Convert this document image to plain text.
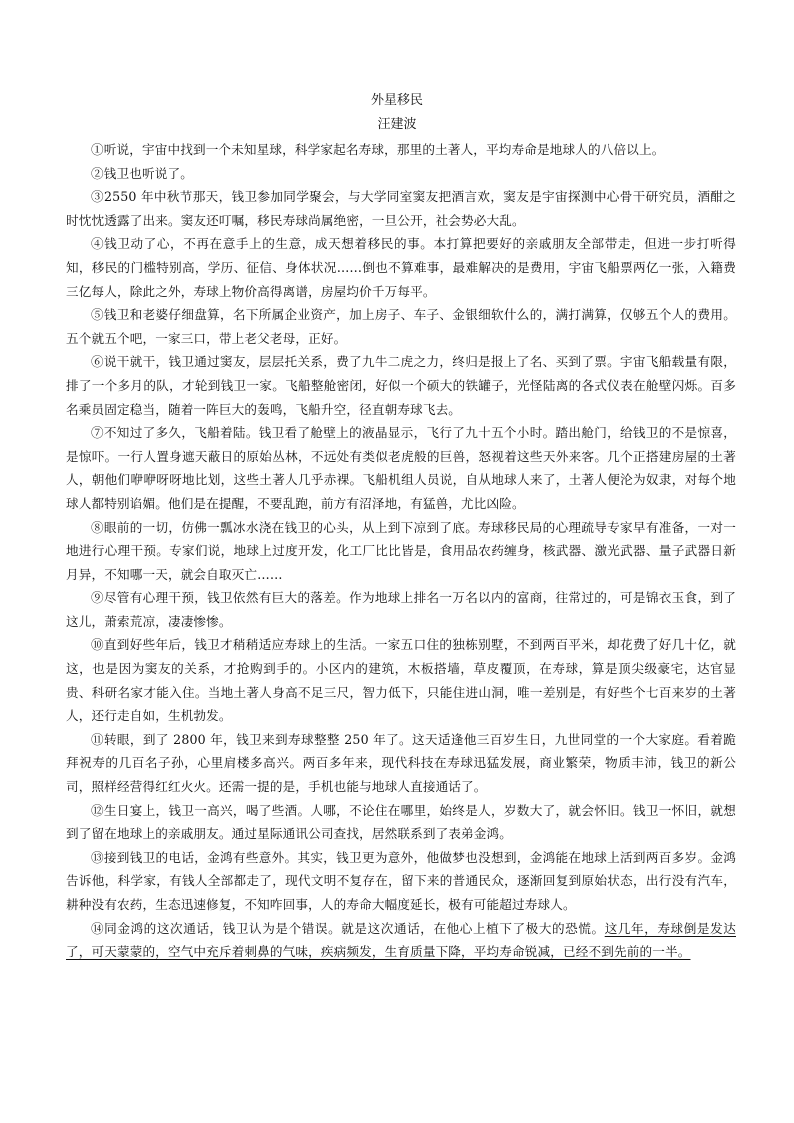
外星移民
汪建波

①听说，宇宙中找到一个未知星球，科学家起名寿球，那里的土著人，平均寿命是地球人的八倍以上。

②钱卫也听说了。

③2550 年中秋节那天，钱卫参加同学聚会，与大学同室窦友把酒言欢，窦友是宇宙探测中心骨干研究员，酒酣之时忱忱透露了出来。窦友还叮嘱，移民寿球尚属绝密，一旦公开，社会势必大乱。

④钱卫动了心，不再在意手上的生意，成天想着移民的事。本打算把要好的亲戚朋友全部带走，但进一步打听得知，移民的门槛特别高，学历、征信、身体状况……倒也不算难事，最难解决的是费用，宇宙飞船票两亿一张，入籍费三亿每人，除此之外，寿球上物价高得离谱，房屋均价千万每平。

⑤钱卫和老婆仔细盘算，名下所属企业资产，加上房子、车子、金银细软什么的，满打满算，仅够五个人的费用。五个就五个吧，一家三口，带上老父老母，正好。

⑥说干就干，钱卫通过窦友，层层托关系，费了九牛二虎之力，终归是报上了名、买到了票。宇宙飞船载量有限，排了一个多月的队，才轮到钱卫一家。飞船整舱密闭，好似一个硕大的铁罐子，光怪陆离的各式仪表在舱壁闪烁。百多名乘员固定稳当，随着一阵巨大的轰鸣，飞船升空，径直朝寿球飞去。

⑦不知过了多久，飞船着陆。钱卫看了舱壁上的液晶显示，飞行了九十五个小时。踏出舱门，给钱卫的不是惊喜，是惊吓。一行人置身遮天蔽日的原始丛林，不远处有类似老虎般的巨兽，怒视着这些天外来客。几个正搭建房屋的土著人，朝他们咿咿呀呀地比划，这些土著人几乎赤裸。飞船机组人员说，自从地球人来了，土著人便沦为奴隶，对每个地球人都特别谄媚。他们是在提醒，不要乱跑，前方有沼泽地，有猛兽，尤比凶险。

⑧眼前的一切，仿佛一瓢冰水浇在钱卫的心头，从上到下凉到了底。寿球移民局的心理疏导专家早有准备，一对一地进行心理干预。专家们说，地球上过度开发，化工厂比比皆是，食用品农药缠身，核武器、激光武器、量子武器日新月异，不知哪一天，就会自取灭亡……

⑨尽管有心理干预，钱卫依然有巨大的落差。作为地球上排名一万名以内的富商，往常过的，可是锦衣玉食，到了这儿，萧索荒凉，凄凄惨惨。

⑩直到好些年后，钱卫才稍稍适应寿球上的生活。一家五口住的独栋别墅，不到两百平米，却花费了好几十亿，就这，也是因为窦友的关系，才抢购到手的。小区内的建筑，木板搭墙，草皮覆顶，在寿球，算是顶尖级豪宅，达官显贵、科研名家才能入住。当地土著人身高不足三尺，智力低下，只能住进山洞，唯一差别是，有好些个七百来岁的土著人，还行走自如，生机勃发。

⑪转眼，到了 2800 年，钱卫来到寿球整整 250 年了。这天适逢他三百岁生日，九世同堂的一个大家庭。看着跪拜祝寿的几百名子孙，心里肩楼多高兴。两百多年来，现代科技在寿球迅猛发展，商业繁荣，物质丰沛，钱卫的新公司，照样经营得红红火火。还需一提的是，手机也能与地球人直接通话了。

⑫生日宴上，钱卫一高兴，喝了些酒。人哪，不论住在哪里，始终是人，岁数大了，就会怀旧。钱卫一怀旧，就想到了留在地球上的亲戚朋友。通过星际通讯公司查找，居然联系到了表弟金鸿。

⑬接到钱卫的电话，金鸿有些意外。其实，钱卫更为意外，他做梦也没想到，金鸿能在地球上活到两百多岁。金鸿告诉他，科学家，有钱人全部都走了，现代文明不复存在，留下来的普通民众，逐渐回复到原始状态，出行没有汽车，耕种没有农药，生态迅速修复，不知咋回事，人的寿命大幅度延长，极有可能超过寿球人。

⑭同金鸿的这次通话，钱卫认为是个错误。就是这次通话，在他心上植下了极大的恐慌。这几年，寿球倒是发达了，可天蒙蒙的，空气中充斥着刺鼻的气味，疾病频发，生育质量下降，平均寿命锐减，已经不到先前的一半。
